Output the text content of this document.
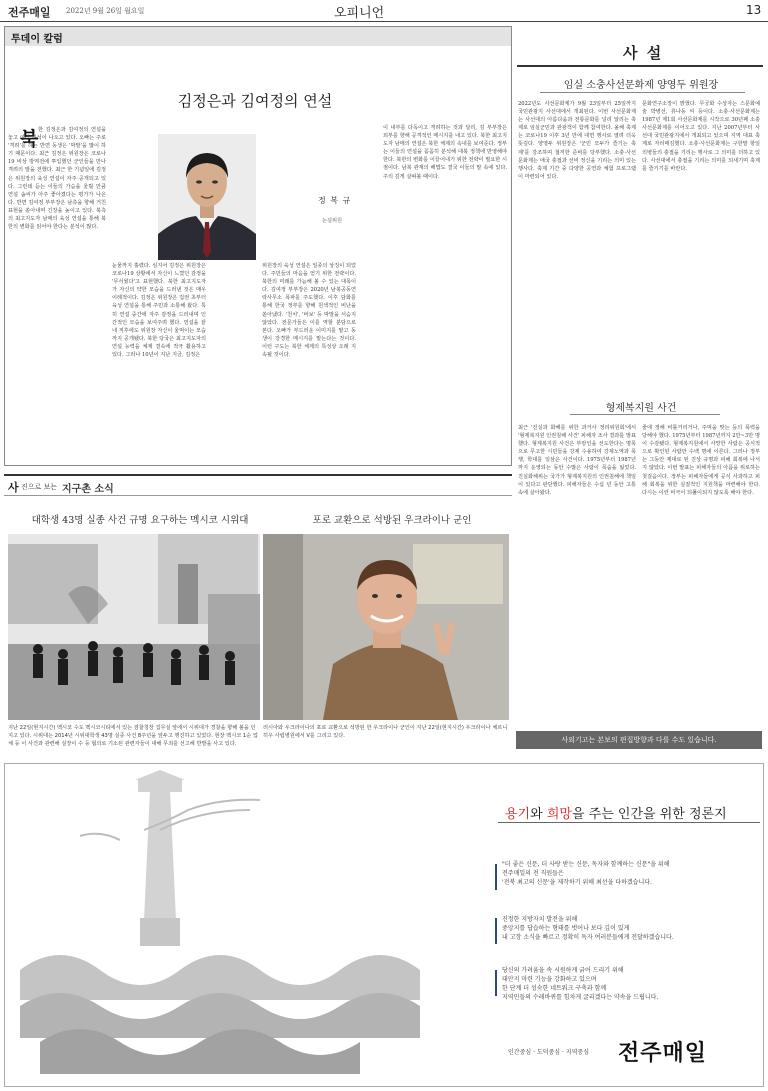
전주매일 2022년 9월 26일 월요일	오피니언	13
투데이 칼럼
김정은과 김여정의 연설
정 복 규
논설위원
북 한 김정은과 김여정의 연설을 놓고 여러 분석이 나오고 있다. 오빠는 주로 '격려'를 하는 반면 동생은 '막말'을 많이 하기 때문이다. 최근 김정은 위원장은 코로나19 비상 방역전에 투입했던 군인들을 만나 격려의 말을 전했다. 최근 한 기념일에 김정은 위원장의 육성 연설이 자주 공개되고 있다. 그런데 듣는 이들의 가슴을 울릴 만큼 연설 솜씨가 아주 좋아졌다는 평가가 나온다. 반면 김여정 부부장은 남측을 향해 거친 표현을 쏟아내며 긴장을 높이고 있다. 북측의 최고지도자 남매의 육성 연설을 통해 북한의 변화를 읽어야 한다는 분석이 많다.
눈물까지 흘렸다. 심지어 김정은 위원장은 코로나19 상황에서 자신이 느꼈던 감정을 '무서웠다'고 표현했다. 북한 최고지도자가 자신의 약한 모습을 드러낸 것은 매우 이례적이다. 김정은 위원장은 집권 초부터 육성 연설을 통해 주민과 소통해 왔다. 특히 연설 중간에 자주 감정을 드러내며 인간적인 모습을 보여주려 했다. 연설을 끝내 직후에도 위원장 자신이 울먹이는 모습까지 공개됐다. 북한 당국은 최고지도자의 연설 능력을 체제 결속에 적극 활용하고 있다. 그러나 10년이 지난 지금, 김정은
위원장의 육성 연설은 일종의 상징이 되었다. 주민들의 마음을 얻기 위한 전략이다. 북한의 미래를 가늠해 볼 수 있는 대목이다. 김여정 부부장은 2020년 남북공동연락사무소 폭파를 주도했다. 이후 담화를 통해 한국 정부를 향해 원색적인 비난을 쏟아냈다. '천치', '바보' 등 막말을 서슴지 않았다. 전문가들은 이를 역할 분담으로 본다. 오빠가 부드러운 이미지를 맡고 동생이 강경한 메시지를 맡는다는 것이다. 이런 구도는 북한 체제의 특성상 오래 지속될 것이다.
이 내부를 다독이고 격려하는 것과 달리, 김 부부장은 외부를 향해 공격적인 메시지를 내고 있다. 북한 최고지도자 남매의 연설은 북한 체제의 속내를 보여준다. 정부는 이들의 연설을 꼼꼼히 분석해 대북 정책에 반영해야 한다. 북한의 변화를 이끌어내기 위한 전략이 필요한 시점이다. 남북 관계의 해법도 결국 이들의 말 속에 있다. 주의 깊게 살펴볼 때이다.
사 설
임실 소충사선문화제 양영두 위원장
2022년도 사선문화제가 9월 23일부터 25일까지 국민관광지 사선대에서 개최된다. 이번 사선문화제는 사선대의 아름다움과 전통문화를 널리 알리는 축제로 임실군민과 관광객이 함께 참여한다. 올해 축제는 코로나19 이후 3년 만에 대면 행사로 열려 더욱 뜻깊다. 양영두 위원장은 '군민 모두가 즐기는 축제'를 강조하며 철저한 준비를 당부했다. 소충·사선문화제는 애국 충절과 선비 정신을 기리는 의미 있는 행사다. 축제 기간 중 다양한 공연과 체험 프로그램이 마련되어 있다.
문화연구소장이 밝혔다. 무궁화 수상자는 스문화예술 박병선, 류나동 씨 등이다. 소충·사선문화제는 1987년 제1회 사선문화제를 시작으로 30년째 소충사선문화제를 이어오고 있다. 지난 2007년부터 사선대 국민관광지에서 개최되고 있으며 지역 대표 축제로 자리매김했다. 소충·사선문화제는 구한말 항일 의병들의 충절을 기리는 행사로 그 의미를 더하고 있다. 사선대에서 충절을 기리는 의미를 되새기며 축제를 즐기기를 바란다.
형제복지원 사건
최근 '진실과 화해를 위한 과거사 정리위원회'에서 '형제복지원 인권침해 사건' 피해자 조사 결과를 발표했다. 형제복지원 사건은 부랑인을 선도한다는 명목으로 무고한 시민들을 강제 수용하여 강제노역과 폭행, 학대를 일삼은 사건이다. 1975년부터 1987년까지 운영되는 동안 수많은 사람이 목숨을 잃었다. 진실화해위는 국가가 형제복지원의 인권침해에 책임이 있다고 판단했다. 피해자들은 수십 년 동안 고통 속에 살아왔다.
줄에 정해 비틀거리거나, 주먹을 맞는 등의 폭력을 당해야 했다. 1975년부터 1987년까지 2만~3만 명이 수감됐다. 형제복지원에서 사망한 사람은 공식적으로 확인된 사람만 수백 명에 이른다. 그러나 정부는 그동안 제대로 된 진상 규명과 피해 회복에 나서지 않았다. 이번 발표는 피해자들의 아픔을 위로하는 첫걸음이다. 정부는 피해자들에게 공식 사과하고 피해 회복을 위한 실질적인 지원책을 마련해야 한다. 다시는 이런 비극이 되풀이되지 않도록 해야 한다.
사외기고는 본보의 편집방향과 다를 수도 있습니다.
사 진으로 보는 지구촌 소식
대학생 43명 실종 사건 규명 요구하는 멕시코 시위대	포로 교환으로 석방된 우크라이나 군인
지난 22일(현지시간) 멕시코 수도 멕시코시티에서 있는 검찰청장 집무실 앞에서 시위대가 경찰을 향해 불을 던지고 있다. 시위대는 2014년 시위대학생 43명 실종 사건 8주년을 앞두고 행진하고 있었다. 현장 멕시코 1순 업체 등 이 사건과 관련해 실장이 수 등 혐의로 기소된 관련자들이 대해 무죄를 선고해 반발을 사고 있다.
러시아와 우크라이나의 포로 교환으로 석방된 한 우크라이나 군인이 지난 22일(현지시간) 우크라이나 체르니히우 사립병원에서 V를 그리고 있다.
용기와 희망을 주는 인간을 위한 정론지
"더 좋은 신문, 더 사랑 받는 신문, 독자와 함께하는 신문"을 위해
전주매일의 전 직원들은
'전북 최고의 신문'을 제작하기 위해 최선을 다하겠습니다.
진정한 지방자치 발전을 위해
중앙지를 답습하는 형태를 벗어나 보다 깊이 있게
내 고장 소식을 빠르고 정확히 독자 여러분들에게 전달하겠습니다.
당신의 가려움을 속 시원하게 긁어 드리기 위해
대안지 마련 기능을 강화하고 있으며
한 단계 더 성숙한 네트워크 구축과 함께
지역민들의 수레바퀴를 힘차게 굴리겠다는 약속을 드립니다.
인간중심 · 도덕중심 · 지역중심 전주매일
